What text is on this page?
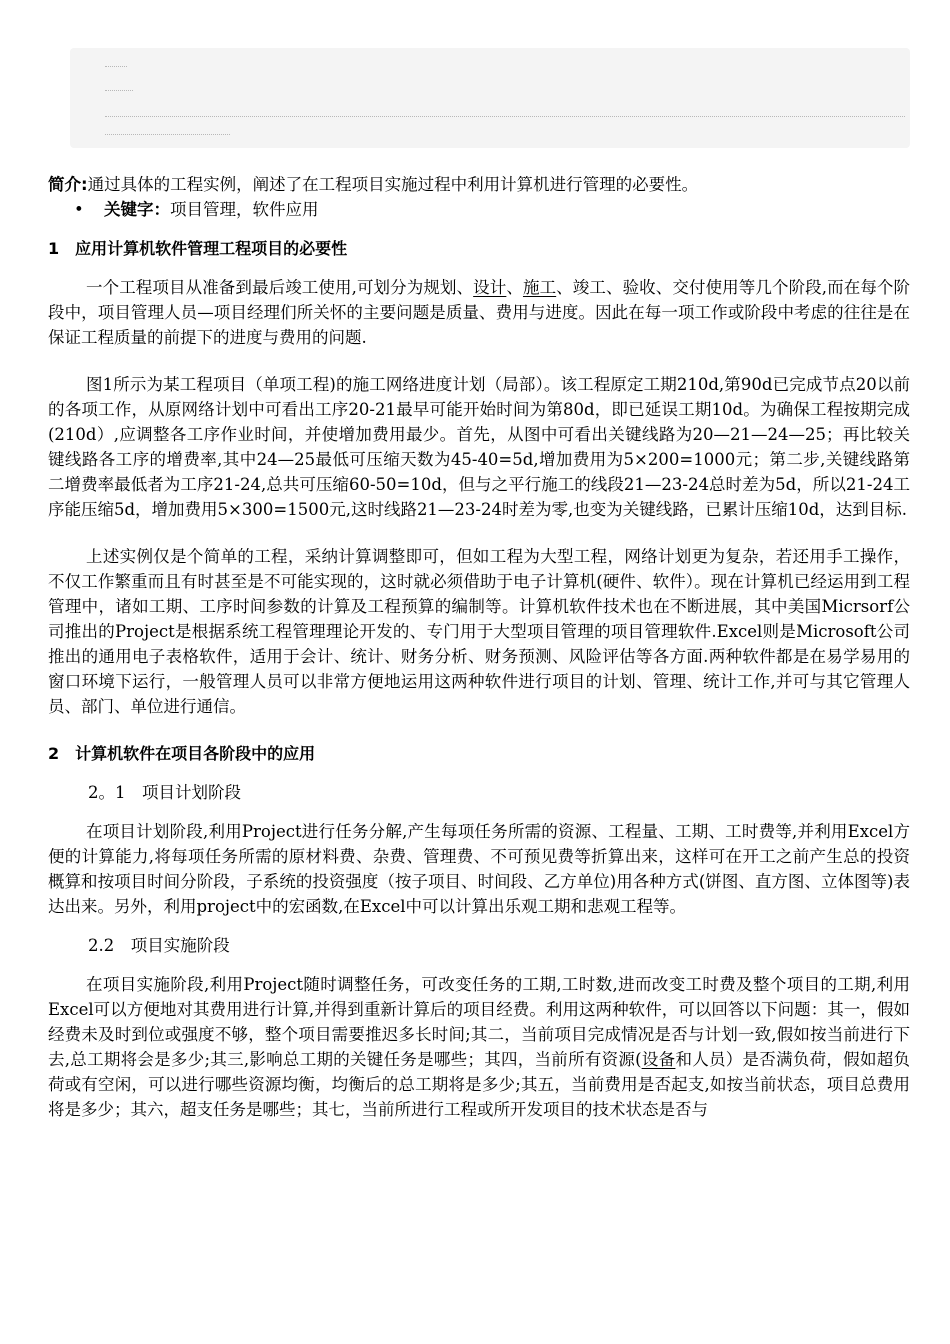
简介:通过具体的工程实例，阐述了在工程项目实施过程中利用计算机进行管理的必要性。

• 关键字：项目管理，软件应用

1　应用计算机软件管理工程项目的必要性

一个工程项目从准备到最后竣工使用,可划分为规划、设计、施工、竣工、验收、交付使用等几个阶段,而在每个阶段中，项目管理人员—项目经理们所关怀的主要问题是质量、费用与进度。因此在每一项工作或阶段中考虑的往往是在保证工程质量的前提下的进度与费用的问题.

图1所示为某工程项目（单项工程)的施工网络进度计划（局部）。该工程原定工期210d,第90d已完成节点20以前的各项工作，从原网络计划中可看出工序20-21最早可能开始时间为第80d，即已延误工期10d。为确保工程按期完成(210d）,应调整各工序作业时间，并使增加费用最少。首先，从图中可看出关键线路为20—21—24—25；再比较关键线路各工序的增费率,其中24—25最低可压缩天数为45-40=5d,增加费用为5×200=1000元；第二步,关键线路第二增费率最低者为工序21-24,总共可压缩60-50=10d，但与之平行施工的线段21—23-24总时差为5d，所以21-24工序能压缩5d，增加费用5×300=1500元,这时线路21—23-24时差为零,也变为关键线路，已累计压缩10d，达到目标.

上述实例仅是个简单的工程，采纳计算调整即可，但如工程为大型工程，网络计划更为复杂，若还用手工操作，不仅工作繁重而且有时甚至是不可能实现的，这时就必须借助于电子计算机(硬件、软件）。现在计算机已经运用到工程管理中，诸如工期、工序时间参数的计算及工程预算的编制等。计算机软件技术也在不断进展，其中美国Micrsorf公司推出的Project是根据系统工程管理理论开发的、专门用于大型项目管理的项目管理软件.Excel则是Microsoft公司推出的通用电子表格软件，适用于会计、统计、财务分析、财务预测、风险评估等各方面.两种软件都是在易学易用的窗口环境下运行，一般管理人员可以非常方便地运用这两种软件进行项目的计划、管理、统计工作,并可与其它管理人员、部门、单位进行通信。

2　计算机软件在项目各阶段中的应用

2。1　项目计划阶段

在项目计划阶段,利用Project进行任务分解,产生每项任务所需的资源、工程量、工期、工时费等,并利用Excel方便的计算能力,将每项任务所需的原材料费、杂费、管理费、不可预见费等折算出来，这样可在开工之前产生总的投资概算和按项目时间分阶段，子系统的投资强度（按子项目、时间段、乙方单位)用各种方式(饼图、直方图、立体图等)表达出来。另外，利用project中的宏函数,在Excel中可以计算出乐观工期和悲观工程等。

2.2　项目实施阶段

在项目实施阶段,利用Project随时调整任务，可改变任务的工期,工时数,进而改变工时费及整个项目的工期,利用Excel可以方便地对其费用进行计算,并得到重新计算后的项目经费。利用这两种软件，可以回答以下问题：其一，假如经费未及时到位或强度不够，整个项目需要推迟多长时间;其二，当前项目完成情况是否与计划一致,假如按当前进行下去,总工期将会是多少;其三,影响总工期的关键任务是哪些；其四，当前所有资源(设备和人员）是否满负荷，假如超负荷或有空闲，可以进行哪些资源均衡，均衡后的总工期将是多少;其五，当前费用是否起支,如按当前状态，项目总费用将是多少；其六，超支任务是哪些；其七，当前所进行工程或所开发项目的技术状态是否与
